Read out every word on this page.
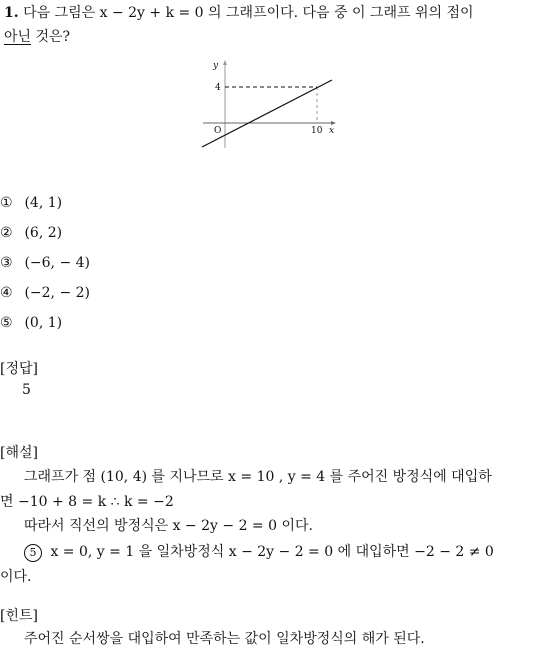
1. 다음 그림은 x − 2y + k = 0 의 그래프이다. 다음 중 이 그래프 위의 점이
아닌 것은?
y
x
O
4
10
① (4, 1)
② (6, 2)
③ (−6, − 4)
④ (−2, − 2)
⑤ (0, 1)
[정답]
5
[해설]
그래프가 점 (10, 4) 를 지나므로 x = 10 , y = 4 를 주어진 방정식에 대입하
면 −10 + 8 = k ∴ k = −2
따라서 직선의 방정식은 x − 2y − 2 = 0 이다.
5 x = 0, y = 1 을 일차방정식 x − 2y − 2 = 0 에 대입하면 −2 − 2 ≠ 0
이다.
[힌트]
주어진 순서쌍을 대입하여 만족하는 값이 일차방정식의 해가 된다.
